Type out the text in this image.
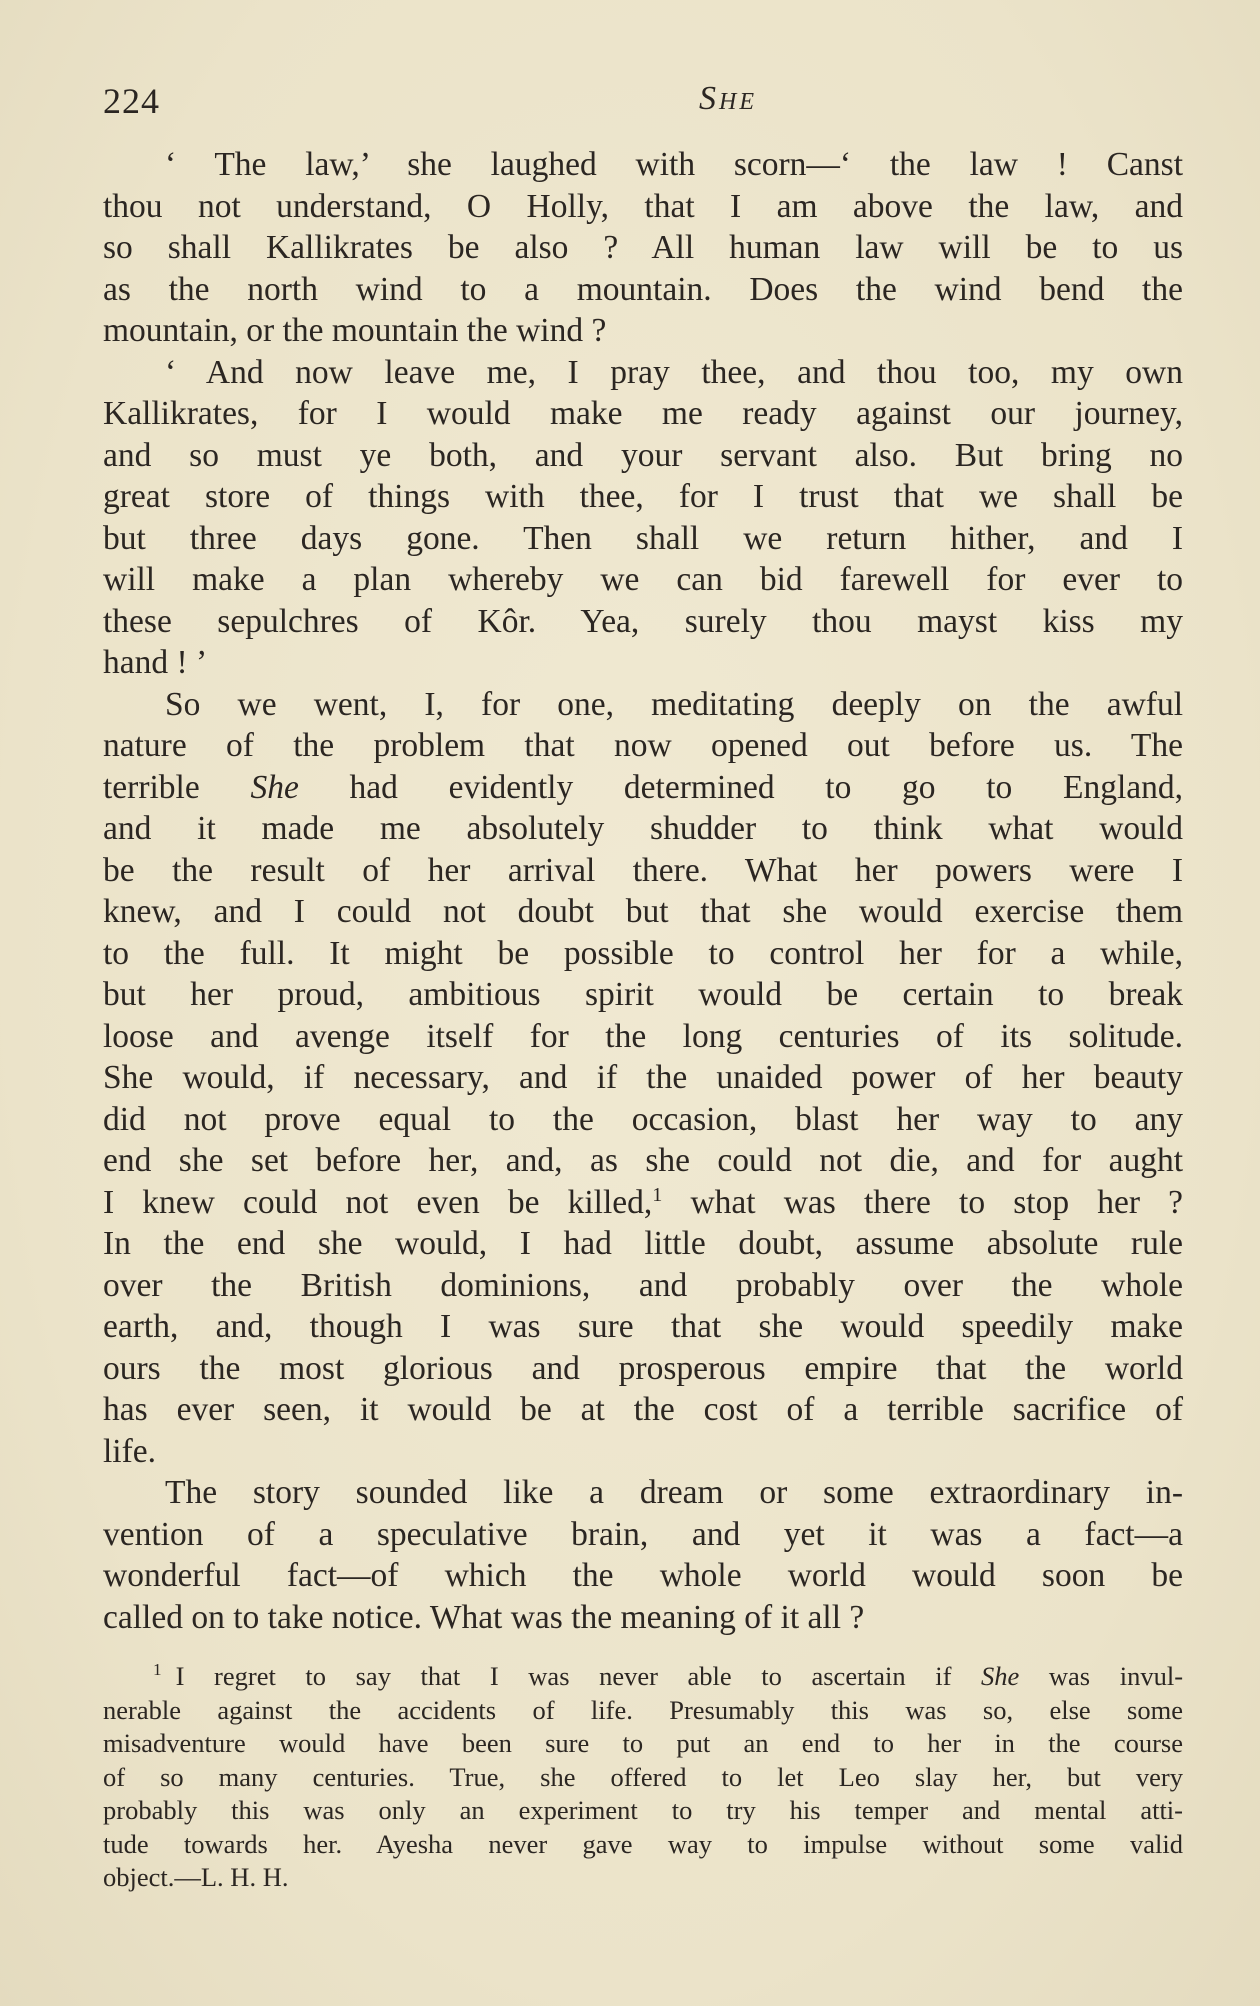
224	She

‘ The law,’ she laughed with scorn—‘ the law ! Canst
thou not understand, O Holly, that I am above the law, and
so shall Kallikrates be also ? All human law will be to us
as the north wind to a mountain. Does the wind bend the
mountain, or the mountain the wind ?

‘ And now leave me, I pray thee, and thou too, my own
Kallikrates, for I would make me ready against our journey,
and so must ye both, and your servant also. But bring no
great store of things with thee, for I trust that we shall be
but three days gone. Then shall we return hither, and I
will make a plan whereby we can bid farewell for ever to
these sepulchres of Kôr. Yea, surely thou mayst kiss my
hand ! ’

So we went, I, for one, meditating deeply on the awful
nature of the problem that now opened out before us. The
terrible She had evidently determined to go to England,
and it made me absolutely shudder to think what would
be the result of her arrival there. What her powers were I
knew, and I could not doubt but that she would exercise them
to the full. It might be possible to control her for a while,
but her proud, ambitious spirit would be certain to break
loose and avenge itself for the long centuries of its solitude.
She would, if necessary, and if the unaided power of her beauty
did not prove equal to the occasion, blast her way to any
end she set before her, and, as she could not die, and for aught
I knew could not even be killed,$^1$ what was there to stop her ?
In the end she would, I had little doubt, assume absolute rule
over the British dominions, and probably over the whole
earth, and, though I was sure that she would speedily make
ours the most glorious and prosperous empire that the world
has ever seen, it would be at the cost of a terrible sacrifice of
life.

The story sounded like a dream or some extraordinary in-
vention of a speculative brain, and yet it was a fact—a
wonderful fact—of which the whole world would soon be
called on to take notice. What was the meaning of it all ?

$^1$ I regret to say that I was never able to ascertain if She was invul-
nerable against the accidents of life. Presumably this was so, else some
misadventure would have been sure to put an end to her in the course
of so many centuries. True, she offered to let Leo slay her, but very
probably this was only an experiment to try his temper and mental atti-
tude towards her. Ayesha never gave way to impulse without some valid
object.—L. H. H.
